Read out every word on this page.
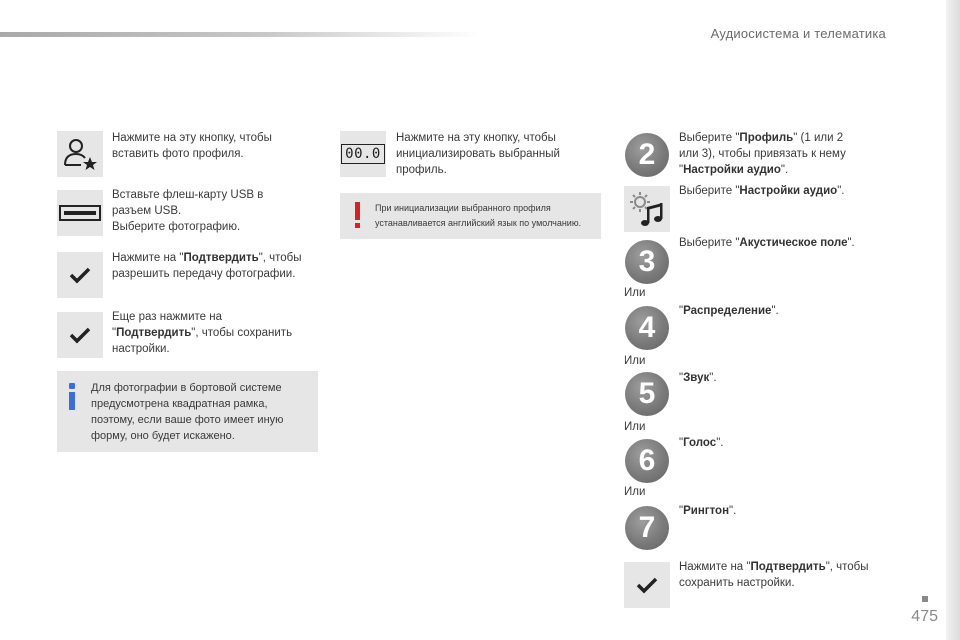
Аудиосистема и телематика
Нажмите на эту кнопку, чтобы
вставить фото профиля.
Вставьте флеш-карту USB в
разъем USB.
Выберите фотографию.
Нажмите на "Подтвердить", чтобы
разрешить передачу фотографии.
Еще раз нажмите на
"Подтвердить", чтобы сохранить
настройки.
Для фотографии в бортовой системе
предусмотрена квадратная рамка,
поэтому, если ваше фото имеет иную
форму, оно будет искажено.
00.0
Нажмите на эту кнопку, чтобы
инициализировать выбранный
профиль.
При инициализации выбранного профиля
устанавливается английский язык по умолчанию.
2	Выберите "Профиль" (1 или 2
или 3), чтобы привязать к нему
"Настройки аудио".
Выберите "Настройки аудио".
3
Выберите "Акустическое поле".
Или
4	"Распределение".
Или
5	"Звук".
Или
6
"Голос".
Или
7	"Рингтон".
Нажмите на "Подтвердить", чтобы
сохранить настройки.
475
